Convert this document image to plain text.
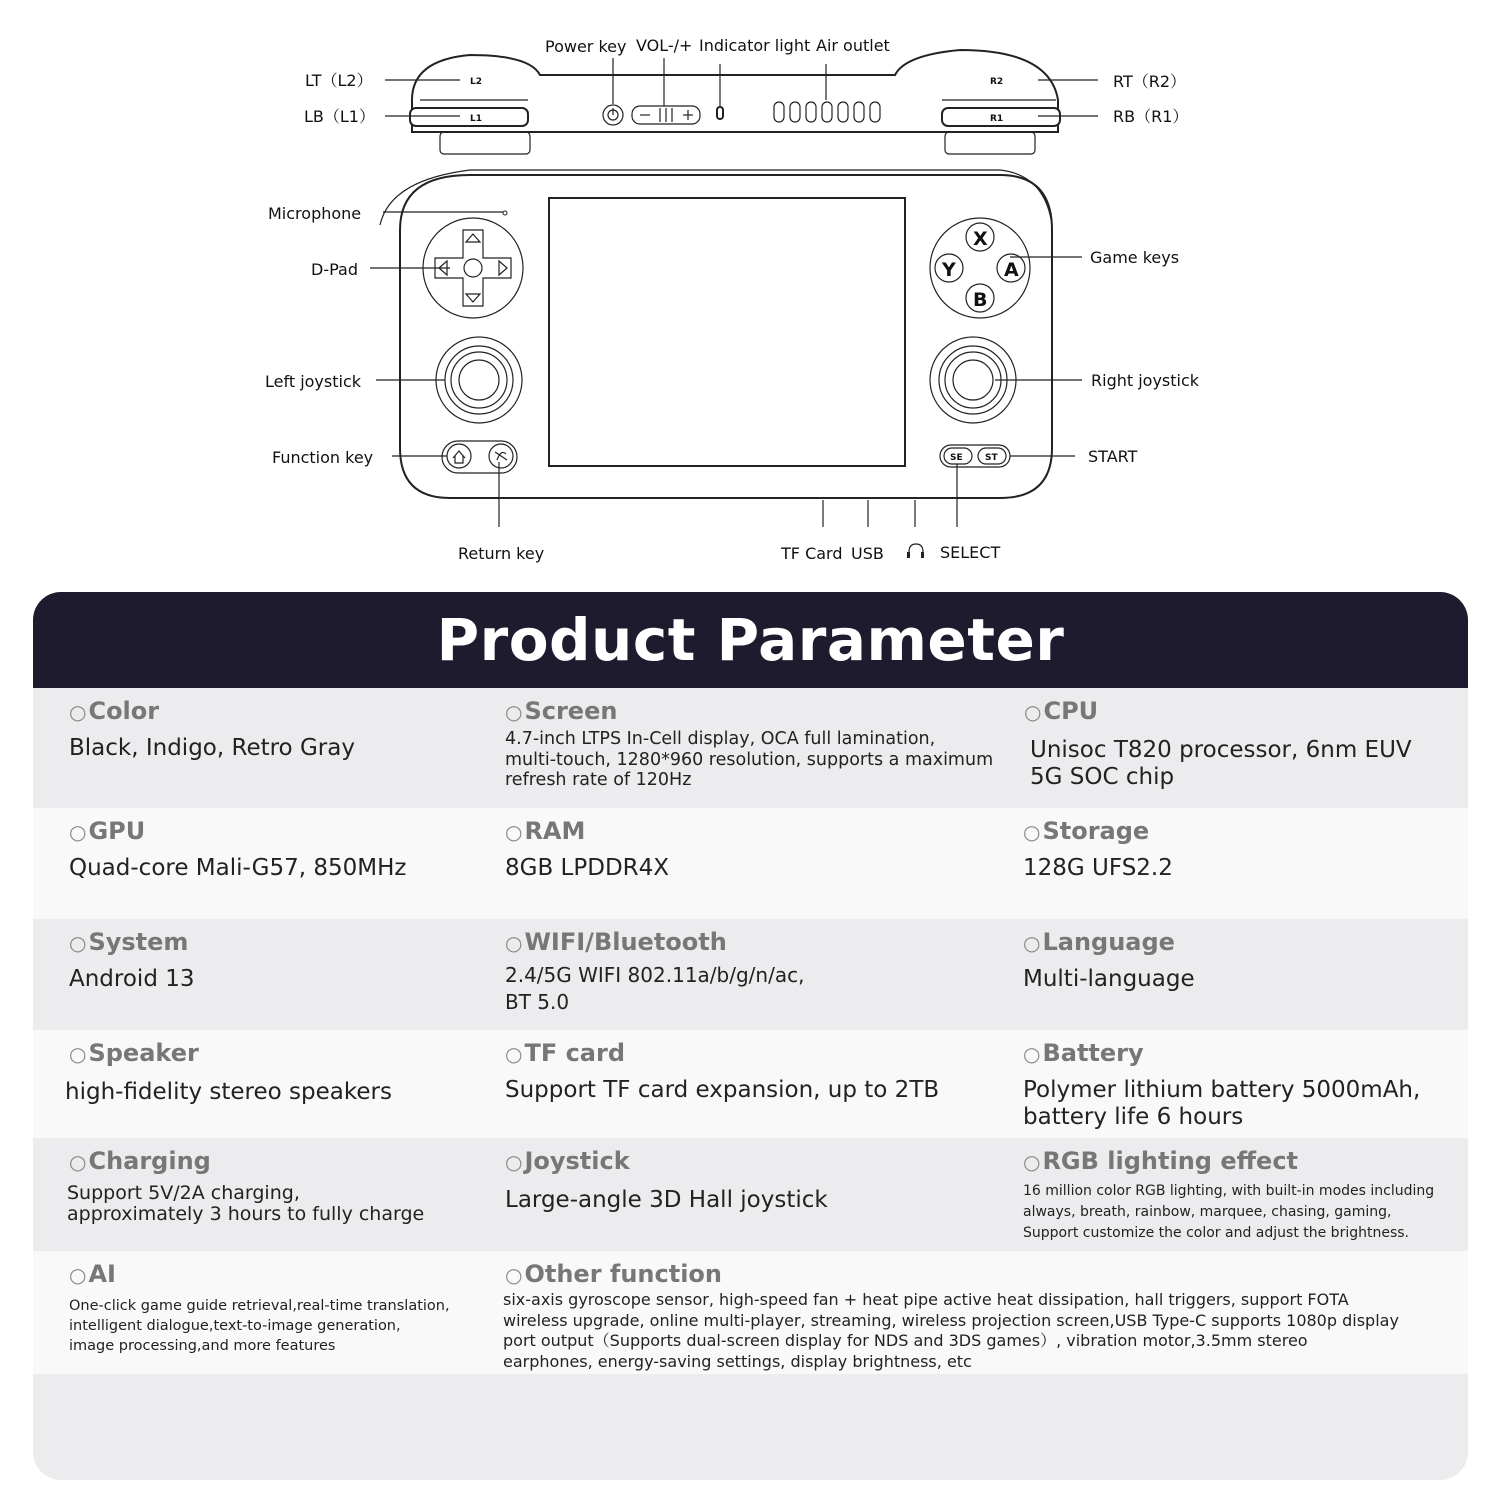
L2
L1
R2
R1
Power key VOL-/+ Indicator light Air outlet
LT（L2）
LB（L1）
RT（R2）
RB（R1）
X
Y	A
B
SE ST
Microphone
D-Pad
Left joystick
Function key
Game keys
Right joystick
START
Return key	TF Card USB	SELECT
Product Parameter
○Color
Black, Indigo, Retro Gray
○Screen
4.7-inch LTPS In-Cell display, OCA full lamination,
multi-touch, 1280*960 resolution, supports a maximum
refresh rate of 120Hz
○CPU
Unisoc T820 processor, 6nm EUV
5G SOC chip
○GPU
Quad-core Mali-G57, 850MHz
○RAM
8GB LPDDR4X
○Storage
128G UFS2.2
○System
Android 13
○WIFI/Bluetooth
2.4/5G WIFI 802.11a/b/g/n/ac,
BT 5.0
○Language
Multi-language
○Speaker
high-fidelity stereo speakers
○TF card
Support TF card expansion, up to 2TB
○Battery
Polymer lithium battery 5000mAh,
battery life 6 hours
○Charging
Support 5V/2A charging,
approximately 3 hours to fully charge
○Joystick
Large-angle 3D Hall joystick
○RGB lighting effect
16 million color RGB lighting, with built-in modes including
always, breath, rainbow, marquee, chasing, gaming,
Support customize the color and adjust the brightness.
○AI
One-click game guide retrieval,real-time translation,
intelligent dialogue,text-to-image generation,
image processing,and more features
○Other function
six-axis gyroscope sensor, high-speed fan + heat pipe active heat dissipation, hall triggers, support FOTA
wireless upgrade, online multi-player, streaming, wireless projection screen,USB Type-C supports 1080p display
port output（Supports dual-screen display for NDS and 3DS games）, vibration motor,3.5mm stereo
earphones, energy-saving settings, display brightness, etc
